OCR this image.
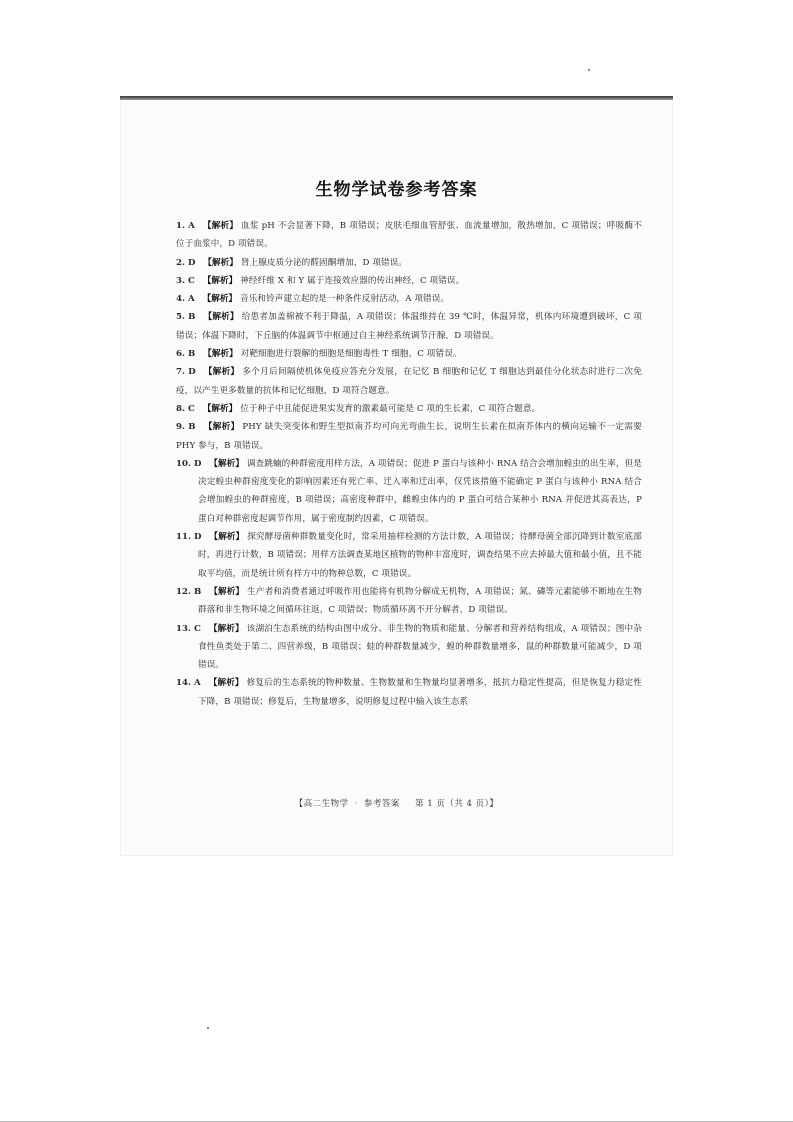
生物学试卷参考答案
1. A 【解析】 血浆 pH 不会显著下降，B 项错误；皮肤毛细血管舒张、血流量增加，散热增加，C 项错误；呼吸酶不位于血浆中，D 项错误。
2. D 【解析】 肾上腺皮质分泌的醛固酮增加，D 项错误。
3. C 【解析】 神经纤维 X 和 Y 属于连接效应器的传出神经，C 项错误。
4. A 【解析】 音乐和铃声建立起的是一种条件反射活动，A 项错误。
5. B 【解析】 给患者加盖棉被不利于降温，A 项错误；体温维持在 39 ℃时，体温异常，机体内环境遭到破坏，C 项错误；体温下降时，下丘脑的体温调节中枢通过自主神经系统调节汗腺，D 项错误。
6. B 【解析】 对靶细胞进行裂解的细胞是细胞毒性 T 细胞，C 项错误。
7. D 【解析】 多个月后间隔使机体免疫应答充分发展，在记忆 B 细胞和记忆 T 细胞达到最佳分化状态时进行二次免疫，以产生更多数量的抗体和记忆细胞，D 项符合题意。
8. C 【解析】 位于种子中且能促进果实发育的激素最可能是 C 项的生长素，C 项符合题意。
9. B 【解析】 PHY 缺失突变体和野生型拟南芥均可向光弯曲生长，说明生长素在拟南芥体内的横向运输不一定需要 PHY 参与，B 项错误。
10. D 【解析】 调查跳蝻的种群密度用样方法，A 项错误；促进 P 蛋白与该种小 RNA 结合会增加蝗虫的出生率，但是决定蝗虫种群密度变化的影响因素还有死亡率、迁入率和迁出率，仅凭该措施不能确定 P 蛋白与该种小 RNA 结合会增加蝗虫的种群密度，B 项错误；高密度种群中，雌蝗虫体内的 P 蛋白可结合某种小 RNA 并促进其高表达，P 蛋白对种群密度起调节作用，属于密度制约因素，C 项错误。
11. D 【解析】 探究酵母菌种群数量变化时，常采用抽样检测的方法计数，A 项错误；待酵母菌全部沉降到计数室底部时，再进行计数，B 项错误；用样方法调查某地区植物的物种丰富度时，调查结果不应去掉最大值和最小值，且不能取平均值，而是统计所有样方中的物种总数，C 项错误。
12. B 【解析】 生产者和消费者通过呼吸作用也能将有机物分解成无机物，A 项错误；氮、磷等元素能够不断地在生物群落和非生物环境之间循环往返，C 项错误；物质循环离不开分解者，D 项错误。
13. C 【解析】 该湖泊生态系统的结构由图中成分、非生物的物质和能量、分解者和营养结构组成，A 项错误；图中杂食性鱼类处于第二、四营养级，B 项错误；蛙的种群数量减少，蝗的种群数量增多，鼠的种群数量可能减少，D 项错误。
14. A 【解析】 修复后的生态系统的物种数量、生物数量和生物量均显著增多，抵抗力稳定性提高，但是恢复力稳定性下降，B 项错误；修复后，生物量增多，说明修复过程中输入该生态系
【高二生物学 · 参考答案 第 1 页（共 4 页）】
